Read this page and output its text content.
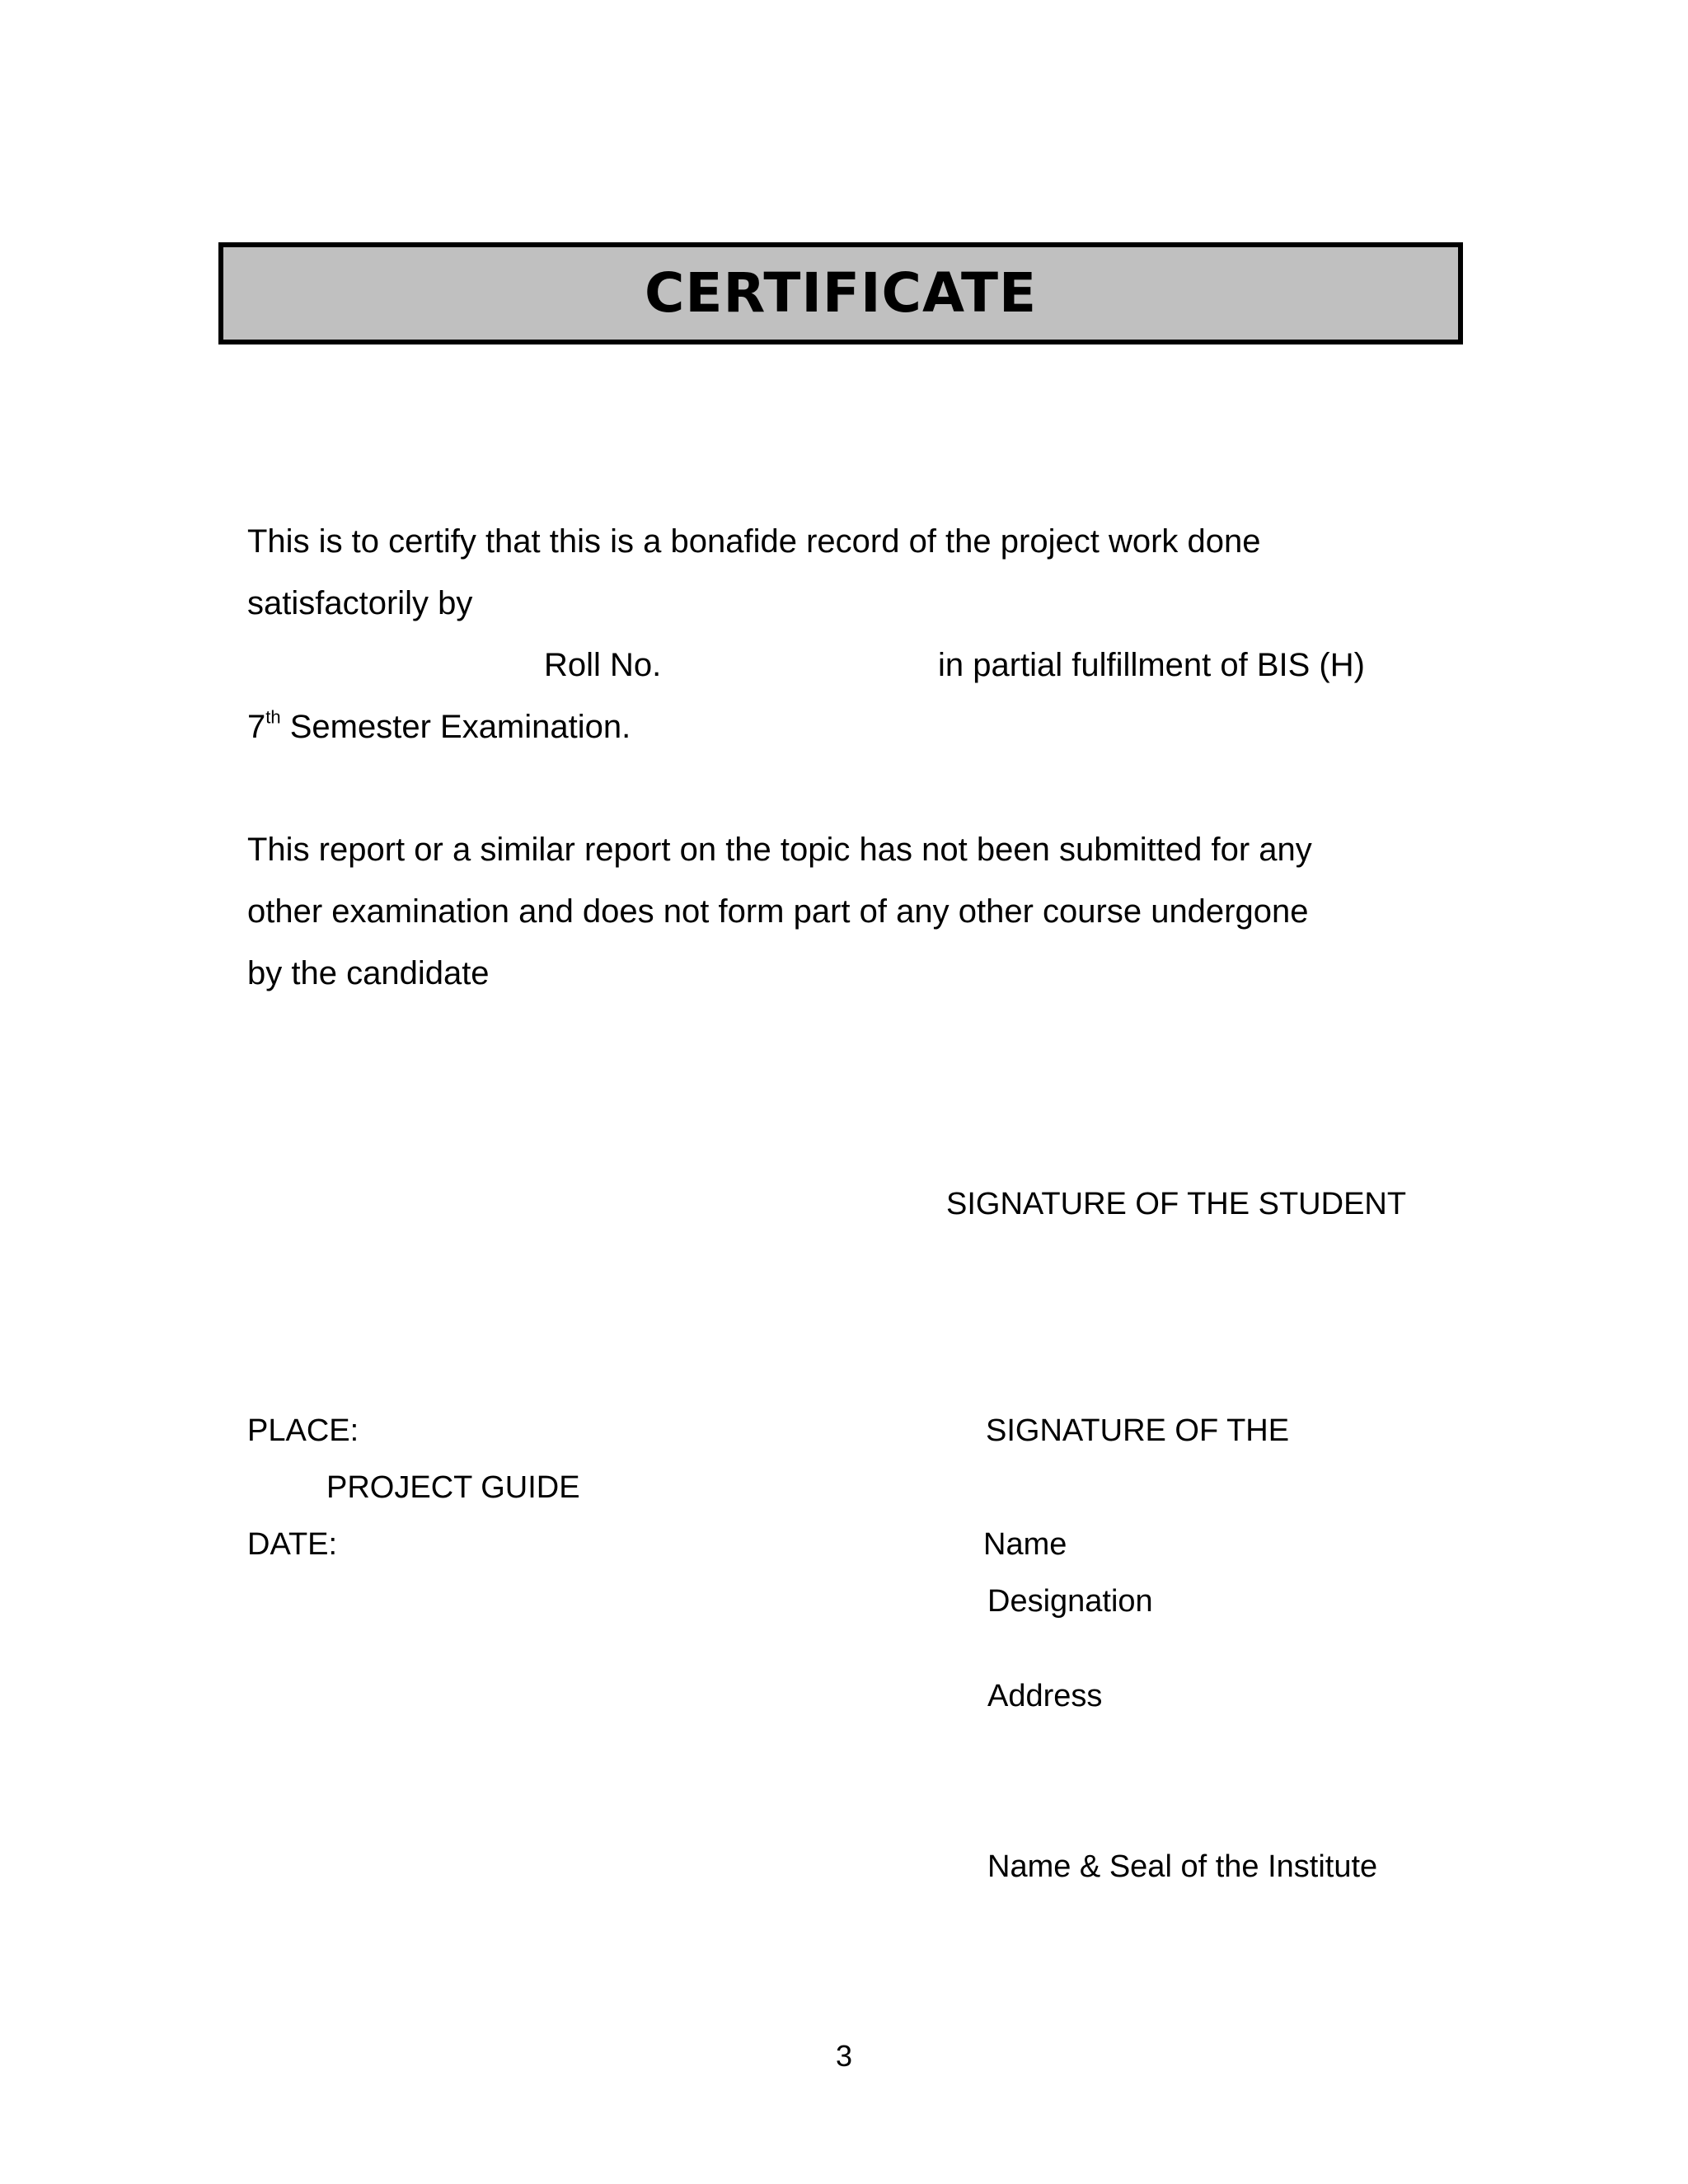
CERTIFICATE
This is to certify that this is a bonafide record of the project work done
satisfactorily by
Roll No.	in partial fulfillment of BIS (H)
7th Semester Examination.
This report or a similar report on the topic has not been submitted for any
other examination and does not form part of any other course undergone
by the candidate
SIGNATURE OF THE STUDENT
PLACE:	SIGNATURE OF THE
PROJECT GUIDE
DATE:	Name
Designation
Address
Name & Seal of the Institute
3
